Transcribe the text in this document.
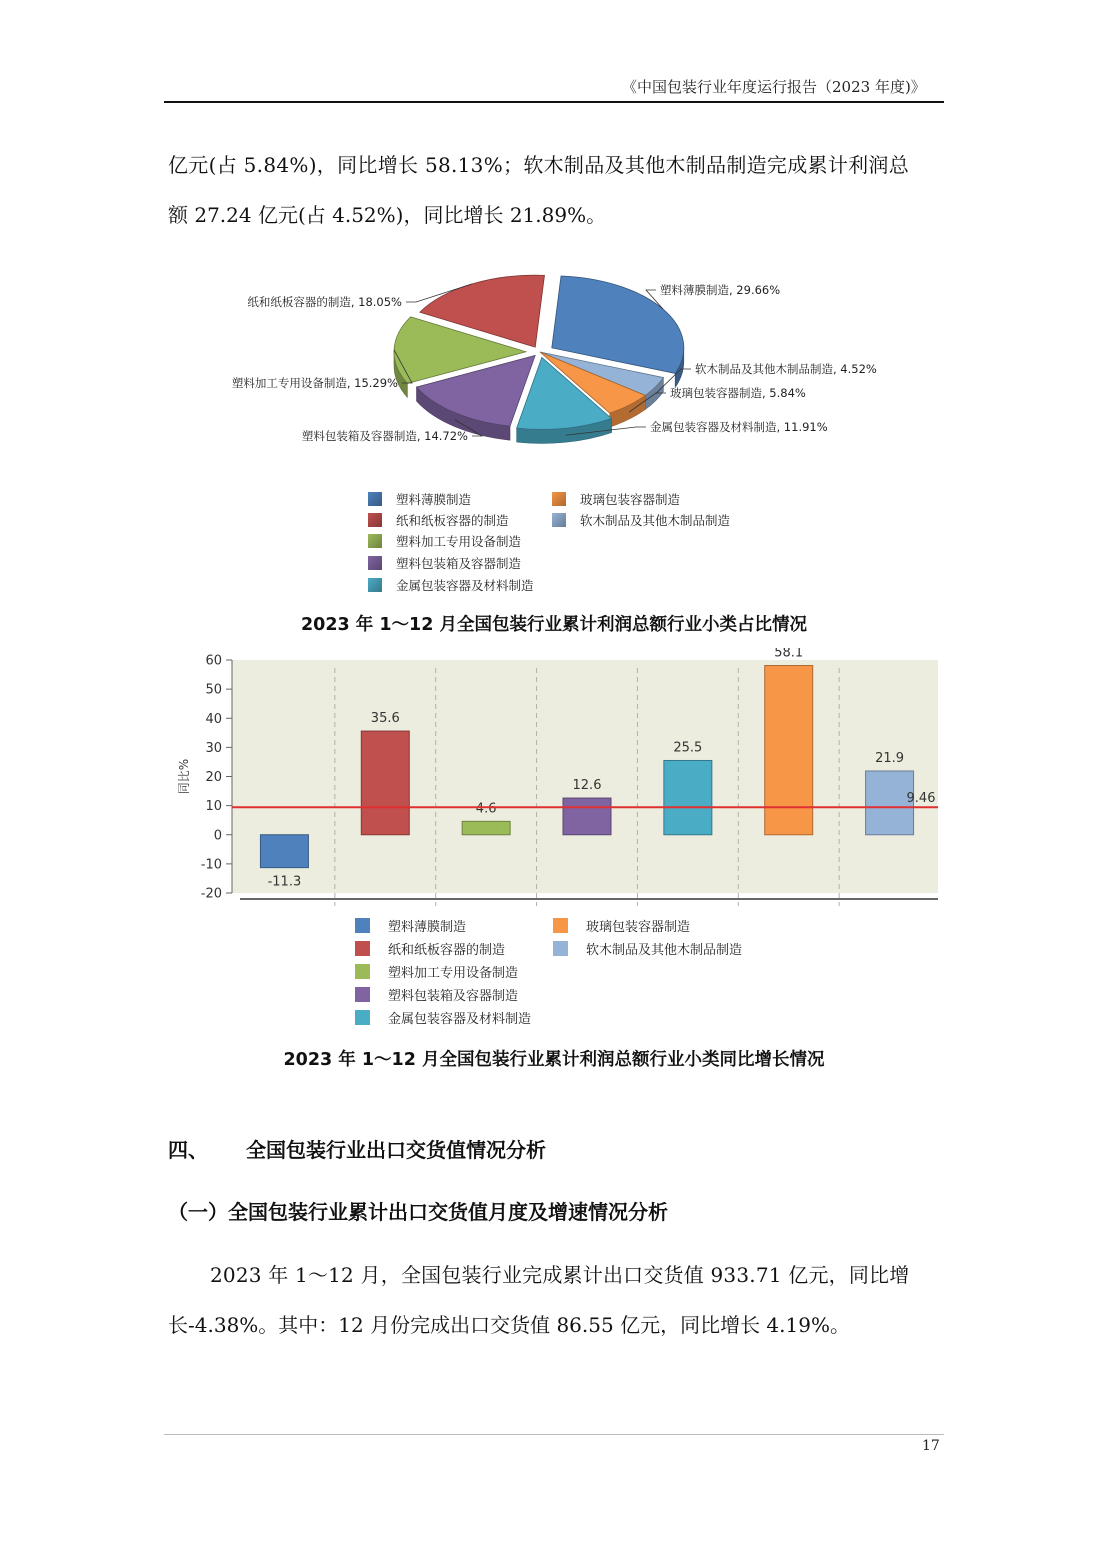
《中国包装行业年度运行报告（2023 年度)》
亿元(占 5.84%)，同比增长 58.13%；软木制品及其他木制品制造完成累计利润总
额 27.24 亿元(占 4.52%)，同比增长 21.89%。
塑料薄膜制造, 29.66%
软木制品及其他木制品制造, 4.52%
玻璃包装容器制造, 5.84%
金属包装容器及材料制造, 11.91%
塑料包装箱及容器制造, 14.72%
塑料加工专用设备制造, 15.29%
纸和纸板容器的制造, 18.05%
塑料薄膜制造
纸和纸板容器的制造
塑料加工专用设备制造
塑料包装箱及容器制造
金属包装容器及材料制造
玻璃包装容器制造
软木制品及其他木制品制造
2023 年 1～12 月全国包装行业累计利润总额行业小类占比情况
-20
-10
0
10
20
30
40
50
60
同比%
-11.3
35.6
4.6
12.6
25.5
58.1
21.9
9.46
塑料薄膜制造
纸和纸板容器的制造
塑料加工专用设备制造
塑料包装箱及容器制造
金属包装容器及材料制造
玻璃包装容器制造
软木制品及其他木制品制造
2023 年 1～12 月全国包装行业累计利润总额行业小类同比增长情况
四、 全国包装行业出口交货值情况分析
（一）全国包装行业累计出口交货值月度及增速情况分析
2023 年 1～12 月，全国包装行业完成累计出口交货值 933.71 亿元，同比增
长-4.38%。其中：12 月份完成出口交货值 86.55 亿元，同比增长 4.19%。
17
